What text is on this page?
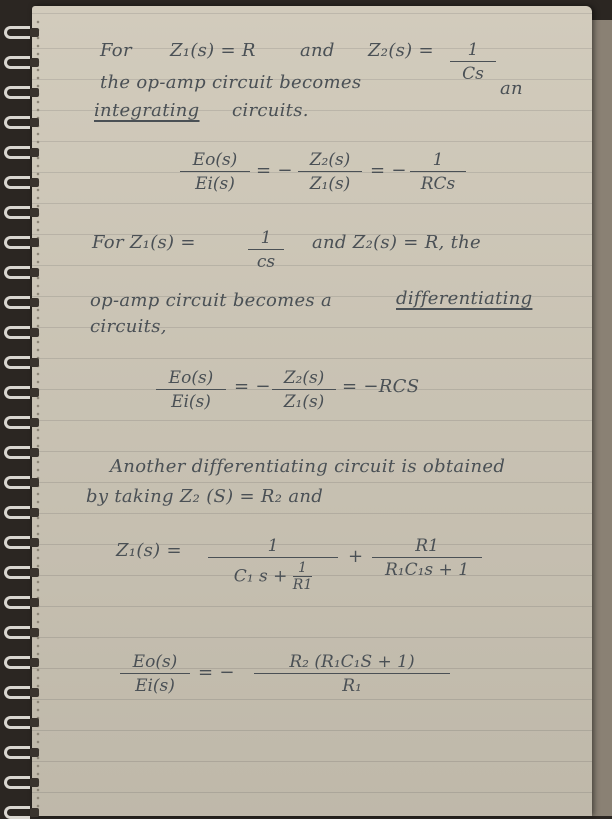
For Z₁(s) = R and $Z_2(s) = \frac{1}{Cs}$
the op-amp circuit becomes	an
integrating circuits.
$\frac{Eo(s)}{Ei(s)}$ = − $\frac{\text{Z₂(s)}}{\text{Z₁(s)}}$ = −	1
RCs
For Z₁(s) =	$\frac{1}{cs}$ and Z₂(s) = R, the
op-amp circuit becomes a	differentiating
circuits,
$\frac{Eo(s)}{Ei(s)}$ = − $\frac{\text{Z₂(s)}}{\text{Z₁(s)}} = -RCS$
Another differentiating circuit is obtained
by taking Z₂ (S) = R₂ and
$Z_1(s) = \frac{1}{C_1 s + \frac{1}{R1}} + \frac{R1}{\text{R₁C₁s + 1}}$
$\frac{Eo(s)}{Ei(s)}$ = − $\frac{\text{R₂ (R₁C₁S + 1)}}{\text{R₁}}$
